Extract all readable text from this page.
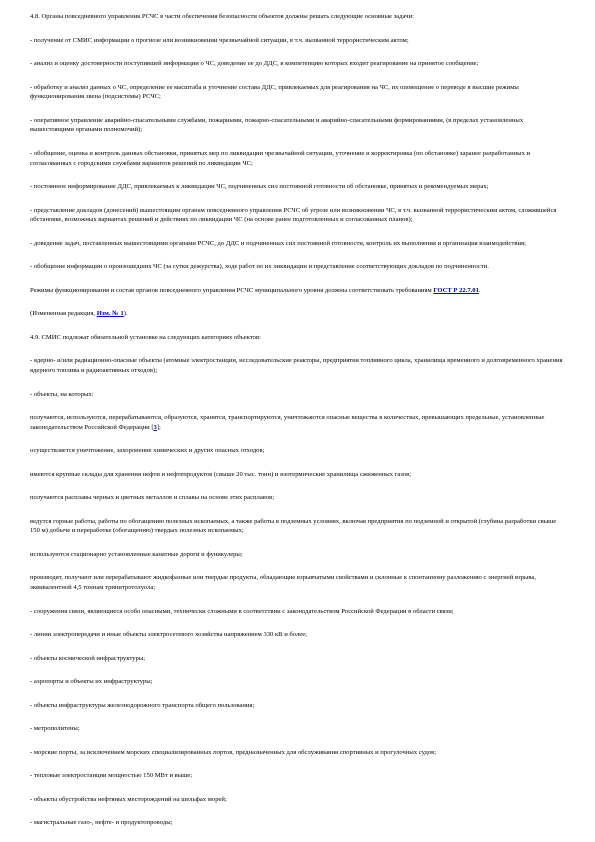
4.8. Органы повседневного управления РСЧС в части обеспечения безопасности объектов должны решать следующие основные задачи:
- получение от СМИС информации о прогнозе или возникновении чрезвычайной ситуации, в т.ч. вызванной террористическим актом;
- анализ и оценку достоверности поступившей информации о ЧС, доведение ее до ДДС, в компетенцию которых входит реагирование на принятое сообщение;
- обработку и анализ данных о ЧС, определение ее масштаба и уточнение состава ДДС, привлекаемых для реагирования на ЧС, их оповещение о переводе в высшие режимы функционирования звена (подсистемы) РСЧС;
- оперативное управление аварийно-спасательными службами, пожарными, пожарно-спасательными и аварийно-спасательными формированиями, (в пределах установленных вышестоящими органами полномочий);
- обобщение, оценка и контроль данных обстановки, принятых мер по ликвидации чрезвычайной ситуации, уточнение и корректировка (по обстановке) заранее разработанных и согласованных с городскими службами вариантов решений по ликвидации ЧС;
- постоянное информирование ДДС, привлекаемых к ликвидации ЧС, подчиненных сил постоянной готовности об обстановке, принятых и рекомендуемых мерах;
- представление докладов (донесений) вышестоящим органам повседневного управления РСЧС об угрозе или возникновении ЧС, в т.ч. вызванной террористическим актом, сложившейся обстановке, возможных вариантах решений и действиях по ликвидации ЧС (на основе ранее подготовленных и согласованных планов);
- доведение задач, поставленных вышестоящими органами РСЧС, до ДДС и подчиненных сил постоянной готовности, контроль их выполнения и организация взаимодействия;
- обобщение информации о произошедших ЧС (за сутки дежурства), ходе работ по их ликвидации и представление соответствующих докладов по подчиненности.
Режимы функционирования и состав органов повседневного управления РСЧС муниципального уровня должны соответствовать требованиям ГОСТ Р 22.7.01.
(Измененная редакция, Изм. № 1).
4.9. СМИС подлежат обязательной установке на следующих категориях объектов:
- ядерно- и/или радиационно-опасные объекты (атомные электростанции, исследовательские реакторы, предприятия топливного цикла, хранилища временного и долговременного хранения ядерного топлива и радиоактивных отходов);
- объекты, на которых:
получаются, используются, перерабатываются, образуются, хранятся, транспортируются, уничтожаются опасные вещества в количествах, превышающих предельные, установленные законодательством Российской Федерации [3];
осуществляется уничтожение, захоронение химических и других опасных отходов;
имеются крупные склады для хранения нефти и нефтепродуктов (свыше 20 тыс. тонн) и изотермические хранилища сжиженных газов;
получаются расплавы черных и цветных металлов и сплавы на основе этих расплавов;
ведутся горные работы, работы по обогащению полезных ископаемых, а также работы в подземных условиях, включая предприятия по подземной и открытой (глубина разработки свыше 150 м) добыче и переработке (обогащению) твердых полезных ископаемых;
используются стационарно установленные канатные дороги и фуникулеры;
производят, получают или перерабатывают жидкофазные или твердые продукты, обладающие взрывчатыми свойствами и склонные к спонтанному разложению с энергией взрыва, эквивалентной 4,5 тоннам тринитротолуола;
- сооружения связи, являющиеся особо опасными, технически сложными в соответствии с законодательством Российской Федерации в области связи;
- линии электропередачи и иные объекты электросетевого хозяйства напряжением 330 кВ и более;
- объекты космической инфраструктуры;
- аэропорты и объекты их инфраструктуры;
- объекты инфраструктуры железнодорожного транспорта общего пользования;
- метрополитены;
- морские порты, за исключением морских специализированных портов, предназначенных для обслуживания спортивных и прогулочных судов;
- тепловые электростанции мощностью 150 МВт и выше;
- объекты обустройства нефтяных месторождений на шельфах морей;
- магистральные газо-, нефте- и продуктопроводы;
